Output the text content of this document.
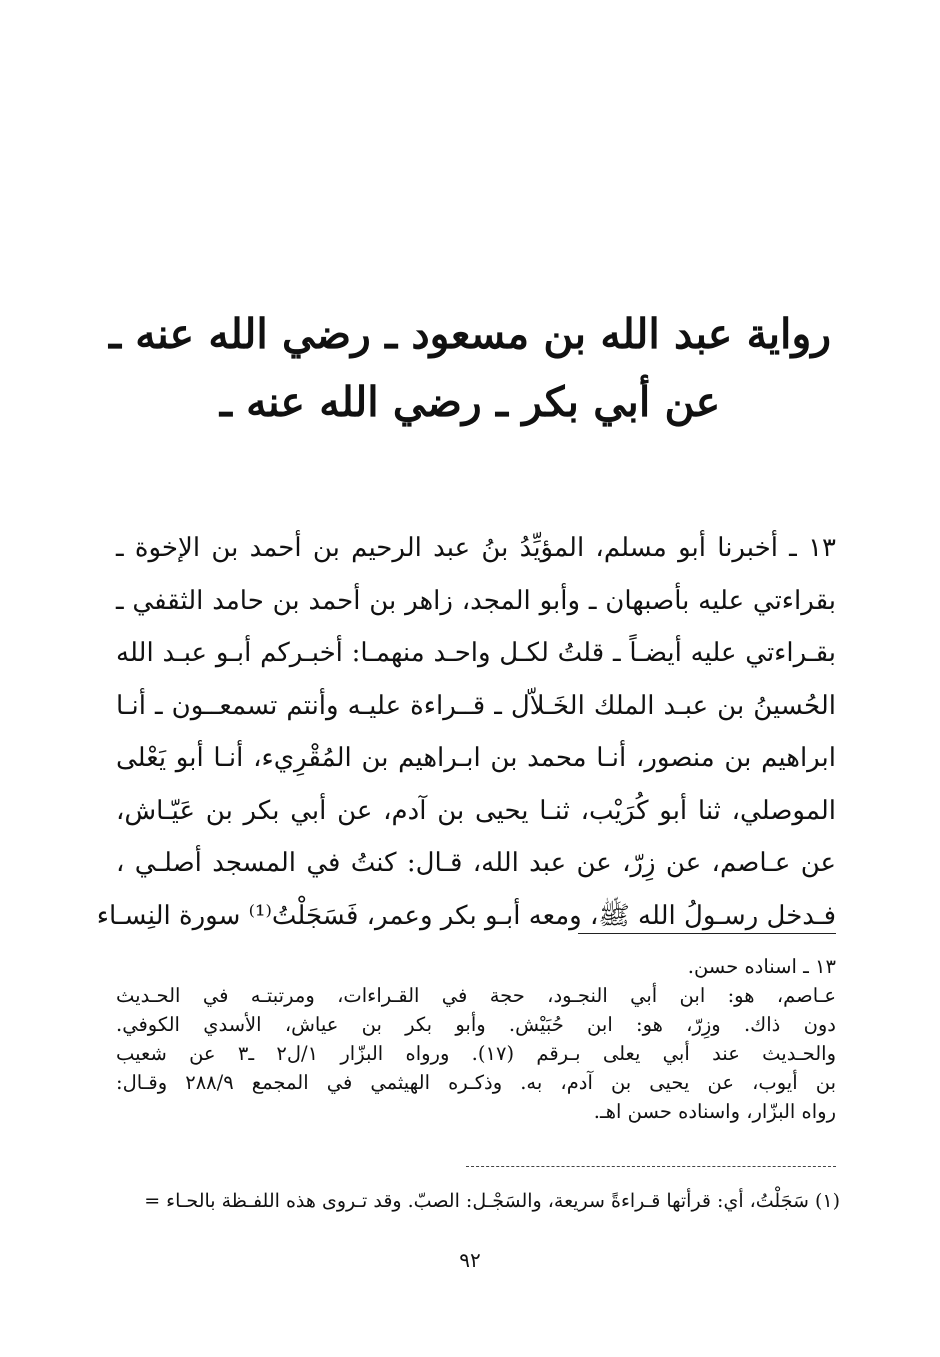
رواية عبد الله بن مسعود ـ رضي الله عنه ـ
عن أبي بكر ـ رضي الله عنه ـ
١٣ ـ أخبرنا أبو مسلم، المؤيِّدُ بنُ عبد الرحيم بن أحمد بن الإخوة ـ
بقراءتي عليه بأصبهان ـ وأبو المجد، زاهر بن أحمد بن حامد الثقفي ـ
بقـراءتي عليه أيضـاً ـ قلتُ لكـل واحـد منهمـا: أخبـركم أبـو عبـد الله
الحُسينُ بن عبـد الملك الخَـلاّل ـ قــراءة عليـه وأنتم تسمعــون ـ أنـا
ابراهيم بن منصور، أنـا محمد بن ابـراهيم بن المُقْرِيء، أنـا أبو يَعْلى
الموصلي، ثنا أبو كُرَيْب، ثنـا يحيى بن آدم، عن أبي بكر بن عَيّـاش،
عن عـاصم، عن زِرّ، عن عبد الله، قـال: كنتُ في المسجد أصلـي ،
فـدخل رسـولُ الله ﷺ، ومعه أبـو بكر وعمر، فَسَجَلْتُ⁽¹⁾ سورة النِسـاء
١٣ ـ اسناده حسن.
عـاصم، هو: ابن أبي النجـود، حجة في القـراءات، ومرتبتـه في الحـديث
دون ذاك. وزِرّ، هو: ابن حُبَيْش. وأبو بكر بن عياش، الأسدي الكوفي.
والحـديث عند أبي يعلى بـرقم (١٧). ورواه البزّار ١/ل٢ ـ٣ عن شعيب
بن أيوب، عن يحيى بن آدم، به. وذكـره الهيثمي في المجمع ٢٨٨/٩ وقـال:
رواه البزّار، واسناده حسن اهـ.
(١) سَجَلْتُ، أي: قرأتها قـراءةً سريعة، والسَجْـل: الصبّ. وقد تـروى هذه اللفـظة بالحـاء =
٩٢
